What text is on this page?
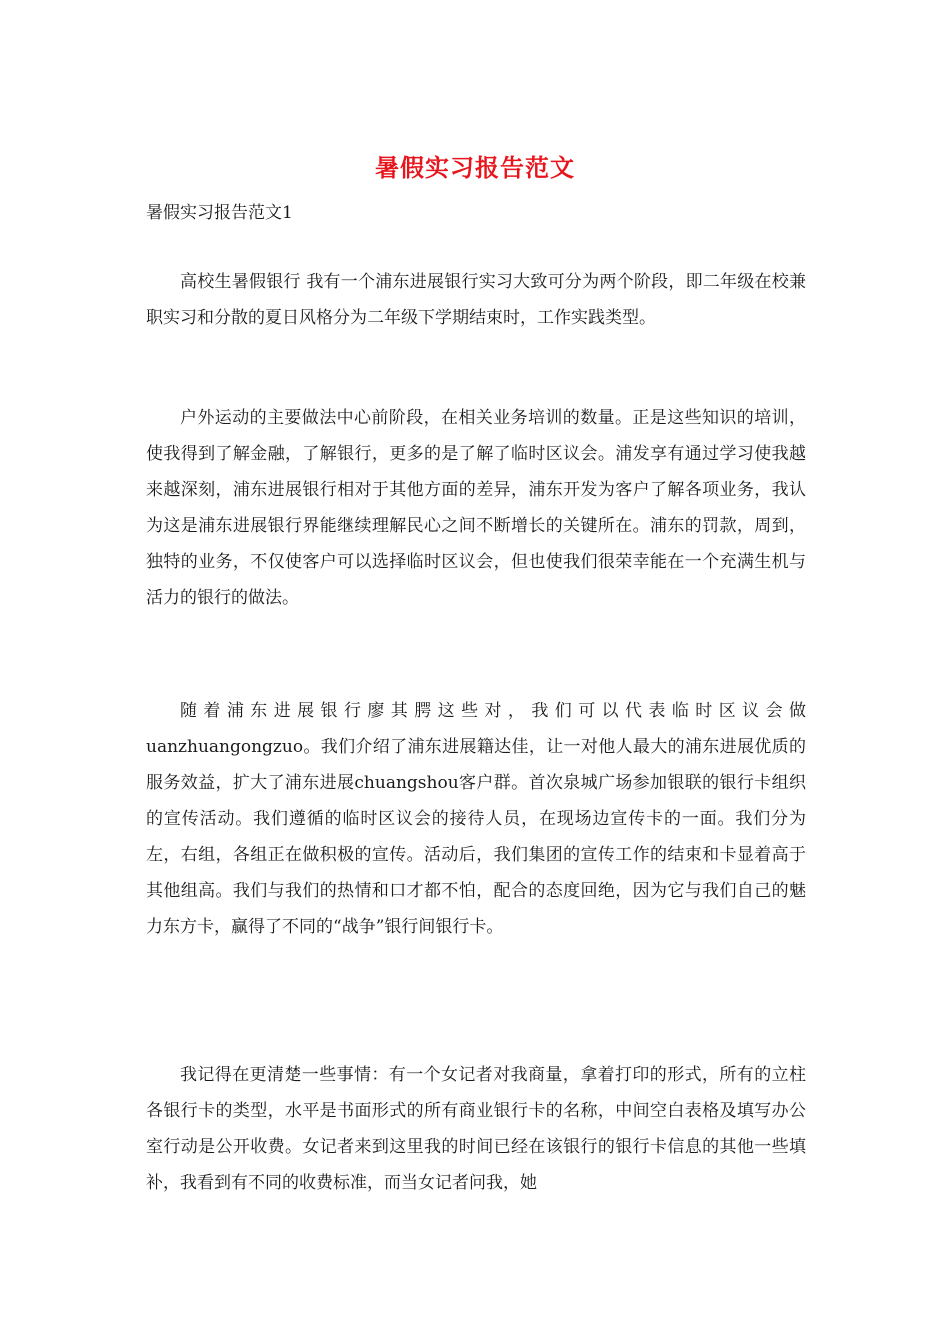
暑假实习报告范文
暑假实习报告范文1

高校生暑假银行 我有一个浦东进展银行实习大致可分为两个阶段，即二年级在校兼职实习和分散的夏日风格分为二年级下学期结束时，工作实践类型。

户外运动的主要做法中心前阶段，在相关业务培训的数量。正是这些知识的培训，使我得到了解金融，了解银行，更多的是了解了临时区议会。浦发享有通过学习使我越来越深刻，浦东进展银行相对于其他方面的差异，浦东开发为客户了解各项业务，我认为这是浦东进展银行界能继续理解民心之间不断增长的关键所在。浦东的罚款，周到，独特的业务，不仅使客户可以选择临时区议会，但也使我们很荣幸能在一个充满生机与活力的银行的做法。

随着浦东进展银行廖其腭这些对，我们可以代表临时区议会做uanzhuangongzuo。我们介绍了浦东进展籍达佳，让一对他人最大的浦东进展优质的服务效益，扩大了浦东进展chuangshou客户群。首次泉城广场参加银联的银行卡组织的宣传活动。我们遵循的临时区议会的接待人员，在现场边宣传卡的一面。我们分为左，右组，各组正在做积极的宣传。活动后，我们集团的宣传工作的结束和卡显着高于其他组高。我们与我们的热情和口才都不怕，配合的态度回绝，因为它与我们自己的魅力东方卡，赢得了不同的“战争”银行间银行卡。

我记得在更清楚一些事情：有一个女记者对我商量，拿着打印的形式，所有的立柱各银行卡的类型，水平是书面形式的所有商业银行卡的名称，中间空白表格及填写办公室行动是公开收费。女记者来到这里我的时间已经在该银行的银行卡信息的其他一些填补，我看到有不同的收费标准，而当女记者问我，她
